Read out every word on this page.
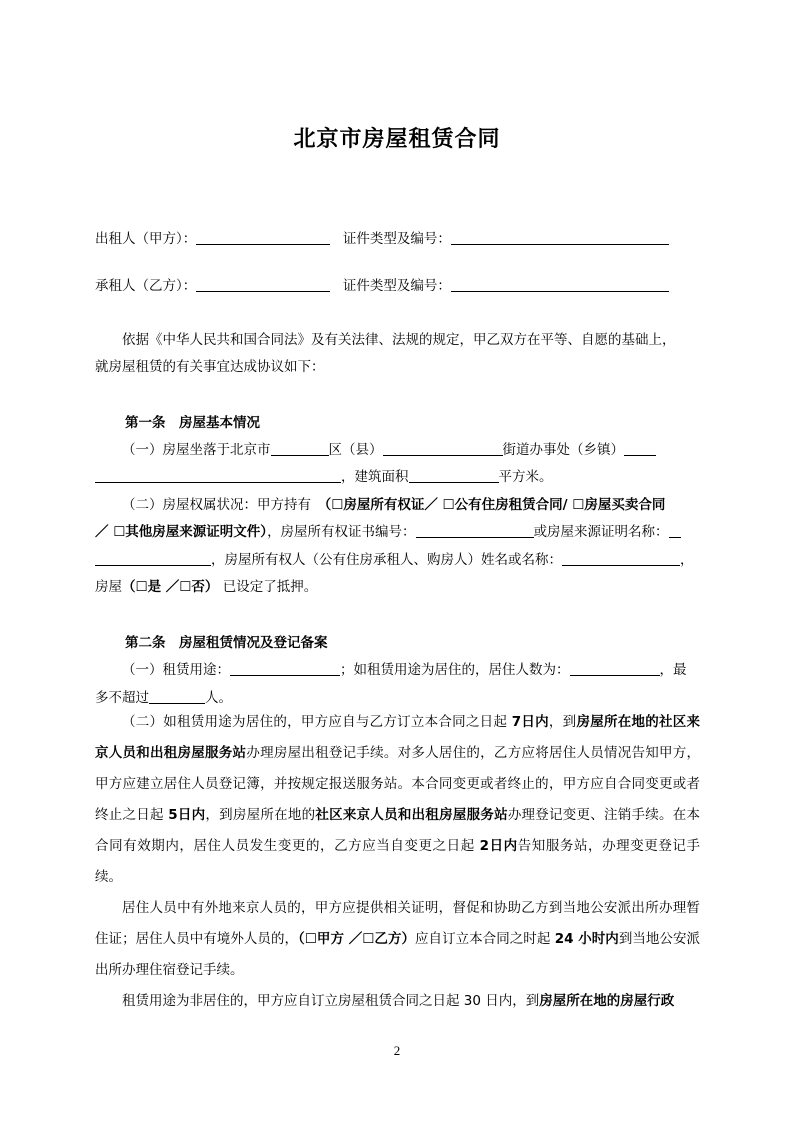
北京市房屋租赁合同
出租人（甲方）：	证件类型及编号：
承租人（乙方）：	证件类型及编号：
依据《中华人民共和国合同法》及有关法律、法规的规定，甲乙双方在平等、自愿的基础上，
就房屋租赁的有关事宜达成协议如下：
第一条　房屋基本情况
（一）房屋坐落于北京市	区（县）	街道办事处（乡镇）
，建筑面积	平方米。
（二）房屋权属状况：甲方持有　（☐房屋所有权证／ ☐公有住房租赁合同/ ☐房屋买卖合同
／ ☐其他房屋来源证明文件），房屋所有权证书编号：	或房屋来源证明名称：
，房屋所有权人（公有住房承租人、购房人）姓名或名称：	，
房屋（☐是 ／☐否） 已设定了抵押。
第二条　房屋租赁情况及登记备案
（一）租赁用途：	；如租赁用途为居住的，居住人数为：	，最
多不超过	人。
（二）如租赁用途为居住的，甲方应自与乙方订立本合同之日起 7日内，到房屋所在地的社区来京人员和出租房屋服务站办理房屋出租登记手续。对多人居住的，乙方应将居住人员情况告知甲方，甲方应建立居住人员登记簿，并按规定报送服务站。本合同变更或者终止的，甲方应自合同变更或者终止之日起 5日内，到房屋所在地的社区来京人员和出租房屋服务站办理登记变更、注销手续。在本合同有效期内，居住人员发生变更的，乙方应当自变更之日起 2日内告知服务站，办理变更登记手续。
居住人员中有外地来京人员的，甲方应提供相关证明，督促和协助乙方到当地公安派出所办理暂住证；居住人员中有境外人员的，（☐甲方 ／☐乙方）应自订立本合同之时起 24 小时内到当地公安派出所办理住宿登记手续。
租赁用途为非居住的，甲方应自订立房屋租赁合同之日起 30 日内，到房屋所在地的房屋行政
2
